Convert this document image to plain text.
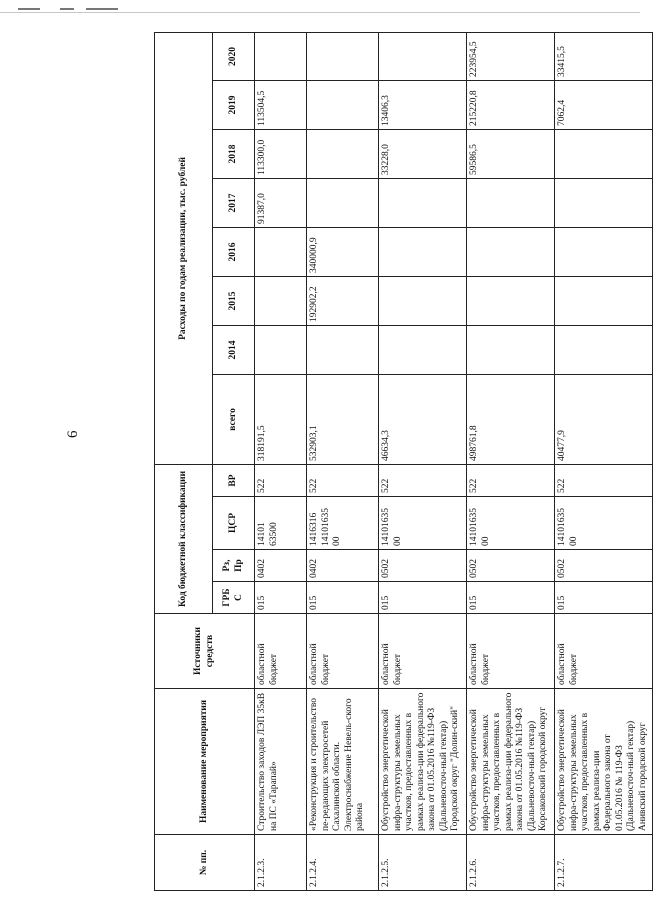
6
№ пп.	Наименование мероприятия	Источники средств	Код бюджетной классификации				Расходы по годам реализации, тыс. рублей							
			ГРБ С	Рз, Пр	ЦСР	ВР	всего	2014	2015	2016	2017	2018	2019	2020
2.1.2.3.	Строительство заходов ЛЭП 35кВ на ПС «Тарапай»	областной бюджет	015	0402	14101 63500	522	318191,5				91387,0	113300,0	113504,5	
2.1.2.4.	«Реконструкция и строительство пе-редающих электросетей Сахалинской области. Электроснабжение Невель-ского района	областной бюджет	015	0402	1416316 14101635 00	522	532903,1		192902,2	340000,9				
2.1.2.5.	Обустройство энергетической инфра-структуры земельных участков, предоставленных в рамках реализа-ции федерального закона от 01.05.2016 №119-ФЗ (Дальневосточ-ный гектар) Городской округ "Долин-ский"	областной бюджет	015	0502	14101635 00	522	46634,3					33228,0	13406,3	
2.1.2.6.	Обустройство энергетической инфра-структуры земельных участков, предоставленных в рамках реализа-ции федерального закона от 01.05.2016 №119-ФЗ (Дальневосточ-ный гектар) Корсаковский городской округ	областной бюджет	015	0502	14101635 00	522	498761,8					59586,5	215220,8	223954,5
2.1.2.7.	Обустройство энергетической инфра-структуры земельных участков, предоставленных в рамках реализа-ции Федерального закона от 01.05.2016 № 119-ФЗ (Дальневосточ-ный гектар) Анивский городской округ	областной бюджет	015	0502	14101635 00	522	40477,9						7062,4	33415,5
